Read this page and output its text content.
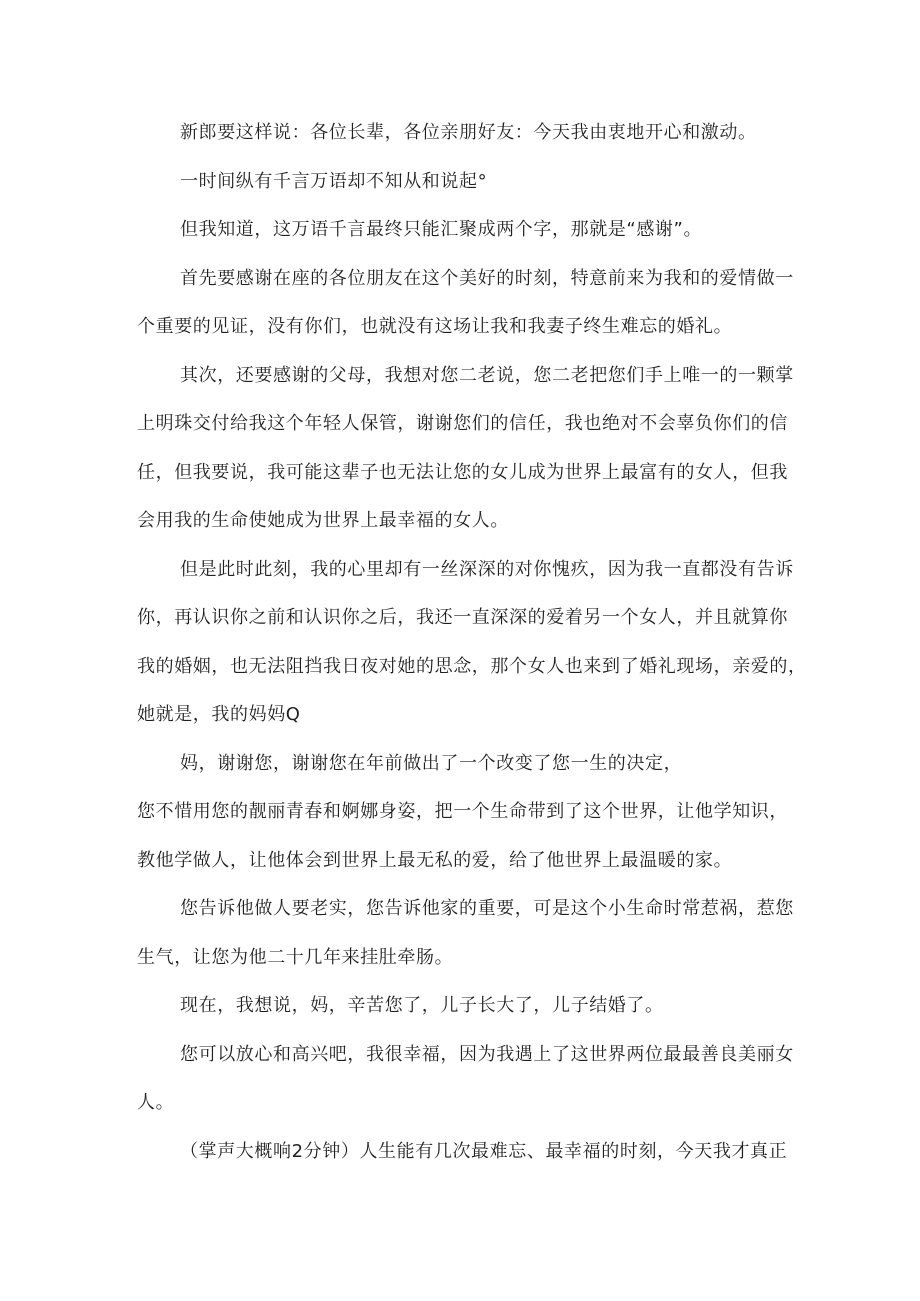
新郎要这样说：各位长辈，各位亲朋好友：今天我由衷地开心和激动。
一时间纵有千言万语却不知从和说起°
但我知道，这万语千言最终只能汇聚成两个字，那就是“感谢”。
首先要感谢在座的各位朋友在这个美好的时刻，特意前来为我和的爱情做一
个重要的见证，没有你们，也就没有这场让我和我妻子终生难忘的婚礼。
其次，还要感谢的父母，我想对您二老说，您二老把您们手上唯一的一颗掌
上明珠交付给我这个年轻人保管，谢谢您们的信任，我也绝对不会辜负你们的信
任，但我要说，我可能这辈子也无法让您的女儿成为世界上最富有的女人，但我
会用我的生命使她成为世界上最幸福的女人。
但是此时此刻，我的心里却有一丝深深的对你愧疚，因为我一直都没有告诉
你，再认识你之前和认识你之后，我还一直深深的爱着另一个女人，并且就算你
我的婚姻，也无法阻挡我日夜对她的思念，那个女人也来到了婚礼现场，亲爱的，
她就是，我的妈妈Q
妈，谢谢您，谢谢您在年前做出了一个改变了您一生的决定，
您不惜用您的靓丽青春和婀娜身姿，把一个生命带到了这个世界，让他学知识，
教他学做人，让他体会到世界上最无私的爱，给了他世界上最温暖的家。
您告诉他做人要老实，您告诉他家的重要，可是这个小生命时常惹祸，惹您
生气，让您为他二十几年来挂肚牵肠。
现在，我想说，妈，辛苦您了，儿子长大了，儿子结婚了。
您可以放心和高兴吧，我很幸福，因为我遇上了这世界两位最最善良美丽女
人。
（掌声大概响2分钟）人生能有几次最难忘、最幸福的时刻，今天我才真正
